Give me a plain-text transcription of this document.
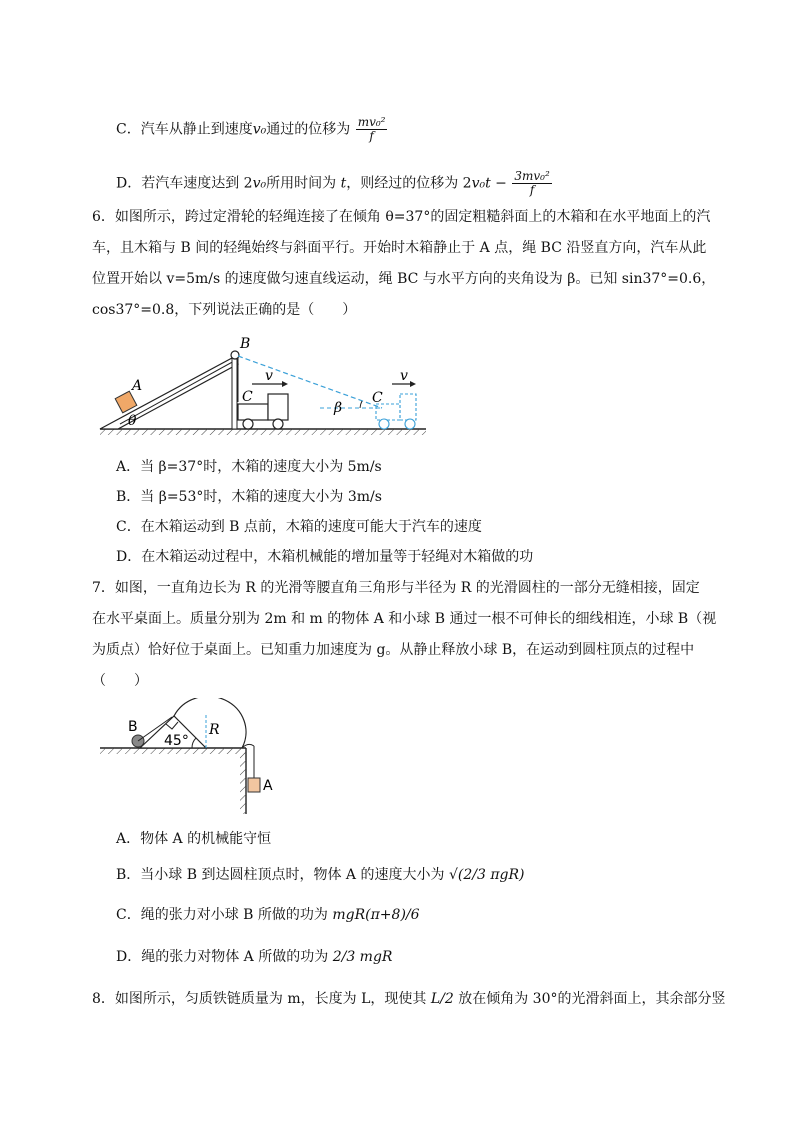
C．汽车从静止到速度v₀通过的位移为 $\frac{\text{mv₀²}}{f}$
D．若汽车速度达到 2v₀所用时间为 t，则经过的位移为 $2v_0t - \frac{\text{3mv₀²}}{f}$
6．如图所示，跨过定滑轮的轻绳连接了在倾角 θ=37°的固定粗糙斜面上的木箱和在水平地面上的汽
车，且木箱与 B 间的轻绳始终与斜面平行。开始时木箱静止于 A 点，绳 BC 沿竖直方向，汽车从此
位置开始以 v=5m/s 的速度做匀速直线运动，绳 BC 与水平方向的夹角设为 β。已知 sin37°=0.6，
cos37°=0.8，下列说法正确的是（　　）
A
B
θ
C
v
β
C
v
A．当 β=37°时，木箱的速度大小为 5m/s
B．当 β=53°时，木箱的速度大小为 3m/s
C．在木箱运动到 B 点前，木箱的速度可能大于汽车的速度
D．在木箱运动过程中，木箱机械能的增加量等于轻绳对木箱做的功
7．如图，一直角边长为 R 的光滑等腰直角三角形与半径为 R 的光滑圆柱的一部分无缝相接，固定
在水平桌面上。质量分别为 2m 和 m 的物体 A 和小球 B 通过一根不可伸长的细线相连，小球 B（视
为质点）恰好位于桌面上。已知重力加速度为 g。从静止释放小球 B，在运动到圆柱顶点的过程中
（　　）
R
45°
B
A
A．物体 A 的机械能守恒
B．当小球 B 到达圆柱顶点时，物体 A 的速度大小为 √(2/3 πgR)
C．绳的张力对小球 B 所做的功为 mgR(π+8)/6
D．绳的张力对物体 A 所做的功为 2/3 mgR
8．如图所示，匀质铁链质量为 m，长度为 L，现使其 L/2 放在倾角为 30°的光滑斜面上，其余部分竖
